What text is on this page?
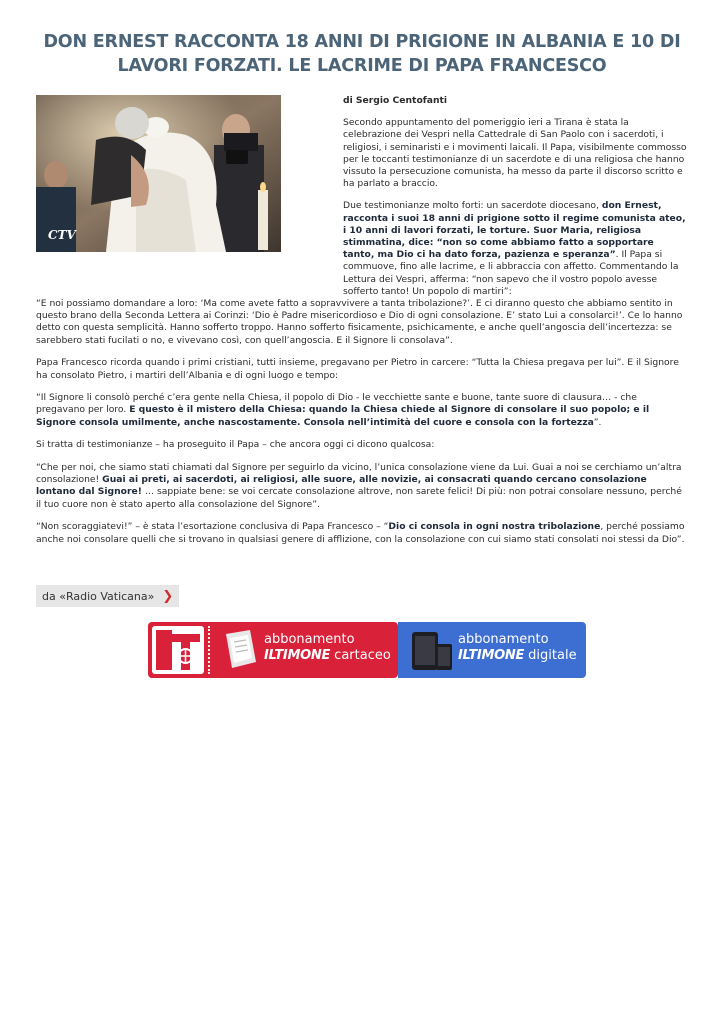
DON ERNEST RACCONTA 18 ANNI DI PRIGIONE IN ALBANIA E 10 DI LAVORI FORZATI. LE LACRIME DI PAPA FRANCESCO
CTV
di Sergio Centofanti

Secondo appuntamento del pomeriggio ieri a Tirana è stata la celebrazione dei Vespri nella Cattedrale di San Paolo con i sacerdoti, i religiosi, i seminaristi e i movimenti laicali. Il Papa, visibilmente commosso per le toccanti testimonianze di un sacerdote e di una religiosa che hanno vissuto la persecuzione comunista, ha messo da parte il discorso scritto e ha parlato a braccio.

Due testimonianze molto forti: un sacerdote diocesano, don Ernest, racconta i suoi 18 anni di prigione sotto il regime comunista ateo, i 10 anni di lavori forzati, le torture. Suor Maria, religiosa stimmatina, dice: “non so come abbiamo fatto a sopportare tanto, ma Dio ci ha dato forza, pazienza e speranza”. Il Papa si commuove, fino alle lacrime, e li abbraccia con affetto. Commentando la Lettura dei Vespri, afferma: “non sapevo che il vostro popolo avesse sofferto tanto! Un popolo di martiri”:

“E noi possiamo domandare a loro: ‘Ma come avete fatto a sopravvivere a tanta tribolazione?’. E ci diranno questo che abbiamo sentito in questo brano della Seconda Lettera ai Corinzi: ‘Dio è Padre misericordioso e Dio di ogni consolazione. E’ stato Lui a consolarci!’. Ce lo hanno detto con questa semplicità. Hanno sofferto troppo. Hanno sofferto fisicamente, psichicamente, e anche quell’angoscia dell’incertezza: se sarebbero stati fucilati o no, e vivevano così, con quell’angoscia. E il Signore li consolava”.

Papa Francesco ricorda quando i primi cristiani, tutti insieme, pregavano per Pietro in carcere: “Tutta la Chiesa pregava per lui”. E il Signore ha consolato Pietro, i martiri dell’Albania e di ogni luogo e tempo:

“Il Signore li consolò perché c’era gente nella Chiesa, il popolo di Dio - le vecchiette sante e buone, tante suore di clausura… - che pregavano per loro. E questo è il mistero della Chiesa: quando la Chiesa chiede al Signore di consolare il suo popolo; e il Signore consola umilmente, anche nascostamente. Consola nell’intimità del cuore e consola con la fortezza”.

Si tratta di testimonianze – ha proseguito il Papa – che ancora oggi ci dicono qualcosa:

“Che per noi, che siamo stati chiamati dal Signore per seguirlo da vicino, l’unica consolazione viene da Lui. Guai a noi se cerchiamo un’altra consolazione! Guai ai preti, ai sacerdoti, ai religiosi, alle suore, alle novizie, ai consacrati quando cercano consolazione lontano dal Signore! … sappiate bene: se voi cercate consolazione altrove, non sarete felici! Di più: non potrai consolare nessuno, perché il tuo cuore non è stato aperto alla consolazione del Signore”.

“Non scoraggiatevi!” – è stata l’esortazione conclusiva di Papa Francesco – “Dio ci consola in ogni nostra tribolazione, perché possiamo anche noi consolare quelli che si trovano in qualsiasi genere di afflizione, con la consolazione con cui siamo stati consolati noi stessi da Dio”.

da «Radio Vaticana» ❯
abbonamento
ILTIMONE cartaceo
abbonamento
ILTIMONE digitale
